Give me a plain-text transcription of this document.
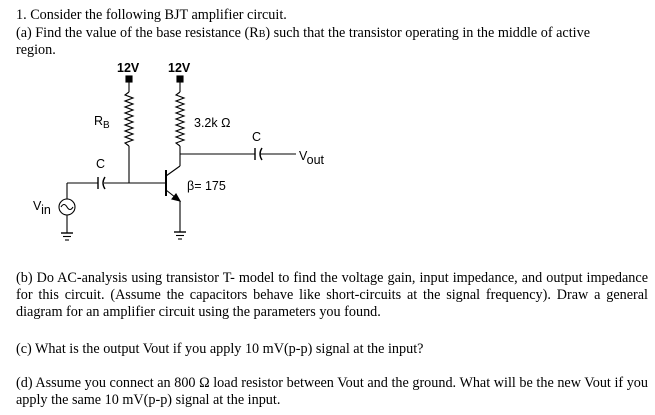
1. Consider the following BJT amplifier circuit.
(a) Find the value of the base resistance (RB) such that the transistor operating in the middle of active
region.
12V 12V
$R_B$	3.2k Ω
C
C
Vout
Vin
β= 175
(b) Do AC-analysis using transistor T- model to find the voltage gain, input impedance, and output impedance for this circuit. (Assume the capacitors behave like short-circuits at the signal frequency). Draw a general diagram for an amplifier circuit using the parameters you found.
(c) What is the output Vout if you apply 10 mV(p-p) signal at the input?
(d) Assume you connect an 800 Ω load resistor between Vout and the ground. What will be the new Vout if you apply the same 10 mV(p-p) signal at the input.
